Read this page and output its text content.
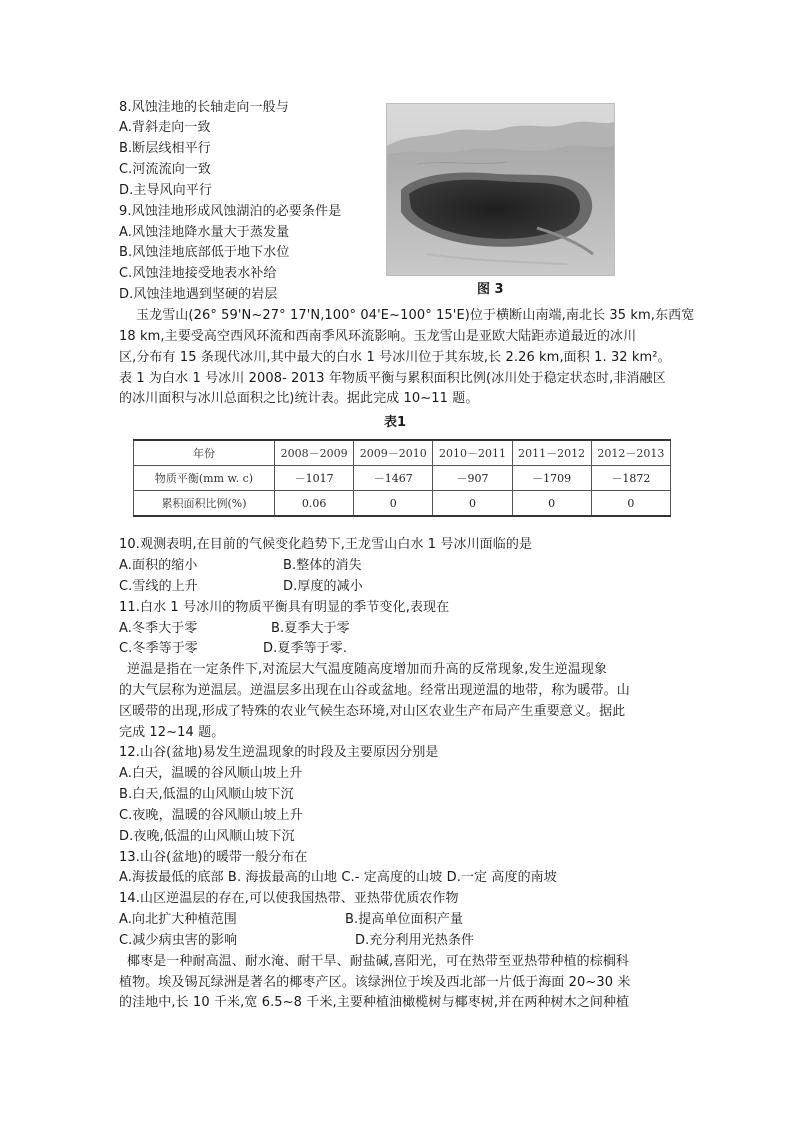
8.风蚀洼地的长轴走向一般与
A.背斜走向一致
B.断层线相平行
C.河流流向一致
D.主导风向平行
9.风蚀洼地形成风蚀湖泊的必要条件是
A.风蚀洼地降水量大于蒸发量
B.风蚀洼地底部低于地下水位
C.风蚀洼地接受地表水补给
D.风蚀洼地遇到坚硬的岩层	图 3
玉龙雪山(26° 59'N~27° 17'N,100° 04'E~100° 15'E)位于横断山南端,南北长 35 km,东西宽
18 km,主要受高空西风环流和西南季风环流影响。玉龙雪山是亚欧大陆距赤道最近的冰川
区,分布有 15 条现代冰川,其中最大的白水 1 号冰川位于其东坡,长 2.26 km,面积 1. 32 km²。
表 1 为白水 1 号冰川 2008- 2013 年物质平衡与累积面积比例(冰川处于稳定状态时,非消融区
的冰川面积与冰川总面积之比)统计表。据此完成 10~11 题。
表1
年份	2008－2009	2009－2010	2010－2011	2011－2012	2012－2013
物质平衡(mm w. c)	－1017	－1467	－907	－1709	－1872
累积面积比例(%)	0.06	0	0	0	0
10.观测表明,在目前的气候变化趋势下,王龙雪山白水 1 号冰川面临的是
A.面积的缩小	B.整体的消失
C.雪线的上升	D.厚度的减小
11.白水 1 号冰川的物质平衡具有明显的季节变化,表现在
A.冬季大于零	B.夏季大于零
C.冬季等于零	D.夏季等于零.
逆温是指在一定条件下,对流层大气温度随高度增加而升高的反常现象,发生逆温现象
的大气层称为逆温层。逆温层多出现在山谷或盆地。经常出现逆温的地带，称为暖带。山
区暖带的出现,形成了特殊的农业气候生态环境,对山区农业生产布局产生重要意义。据此
完成 12~14 题。
12.山谷(盆地)易发生逆温现象的时段及主要原因分别是
A.白天，温暖的谷风顺山坡上升
B.白天,低温的山风顺山坡下沉
C.夜晚，温暖的谷风顺山坡上升
D.夜晚,低温的山风顺山坡下沉
13.山谷(盆地)的暖带一般分布在
A.海拔最低的底部 B. 海拔最高的山地 C.- 定高度的山坡 D.一定 高度的南坡
14.山区逆温层的存在,可以使我国热带、亚热带优质农作物
A.向北扩大种植范围	B.提高单位面积产量
C.减少病虫害的影响	D.充分利用光热条件
椰枣是一种耐高温、耐水淹、耐干旱、耐盐碱,喜阳光，可在热带至亚热带种植的棕榈科
植物。埃及锡瓦绿洲是著名的椰枣产区。该绿洲位于埃及西北部一片低于海面 20~30 米
的洼地中,长 10 千米,宽 6.5~8 千米,主要种植油橄榄树与椰枣树,并在两种树木之间种植
